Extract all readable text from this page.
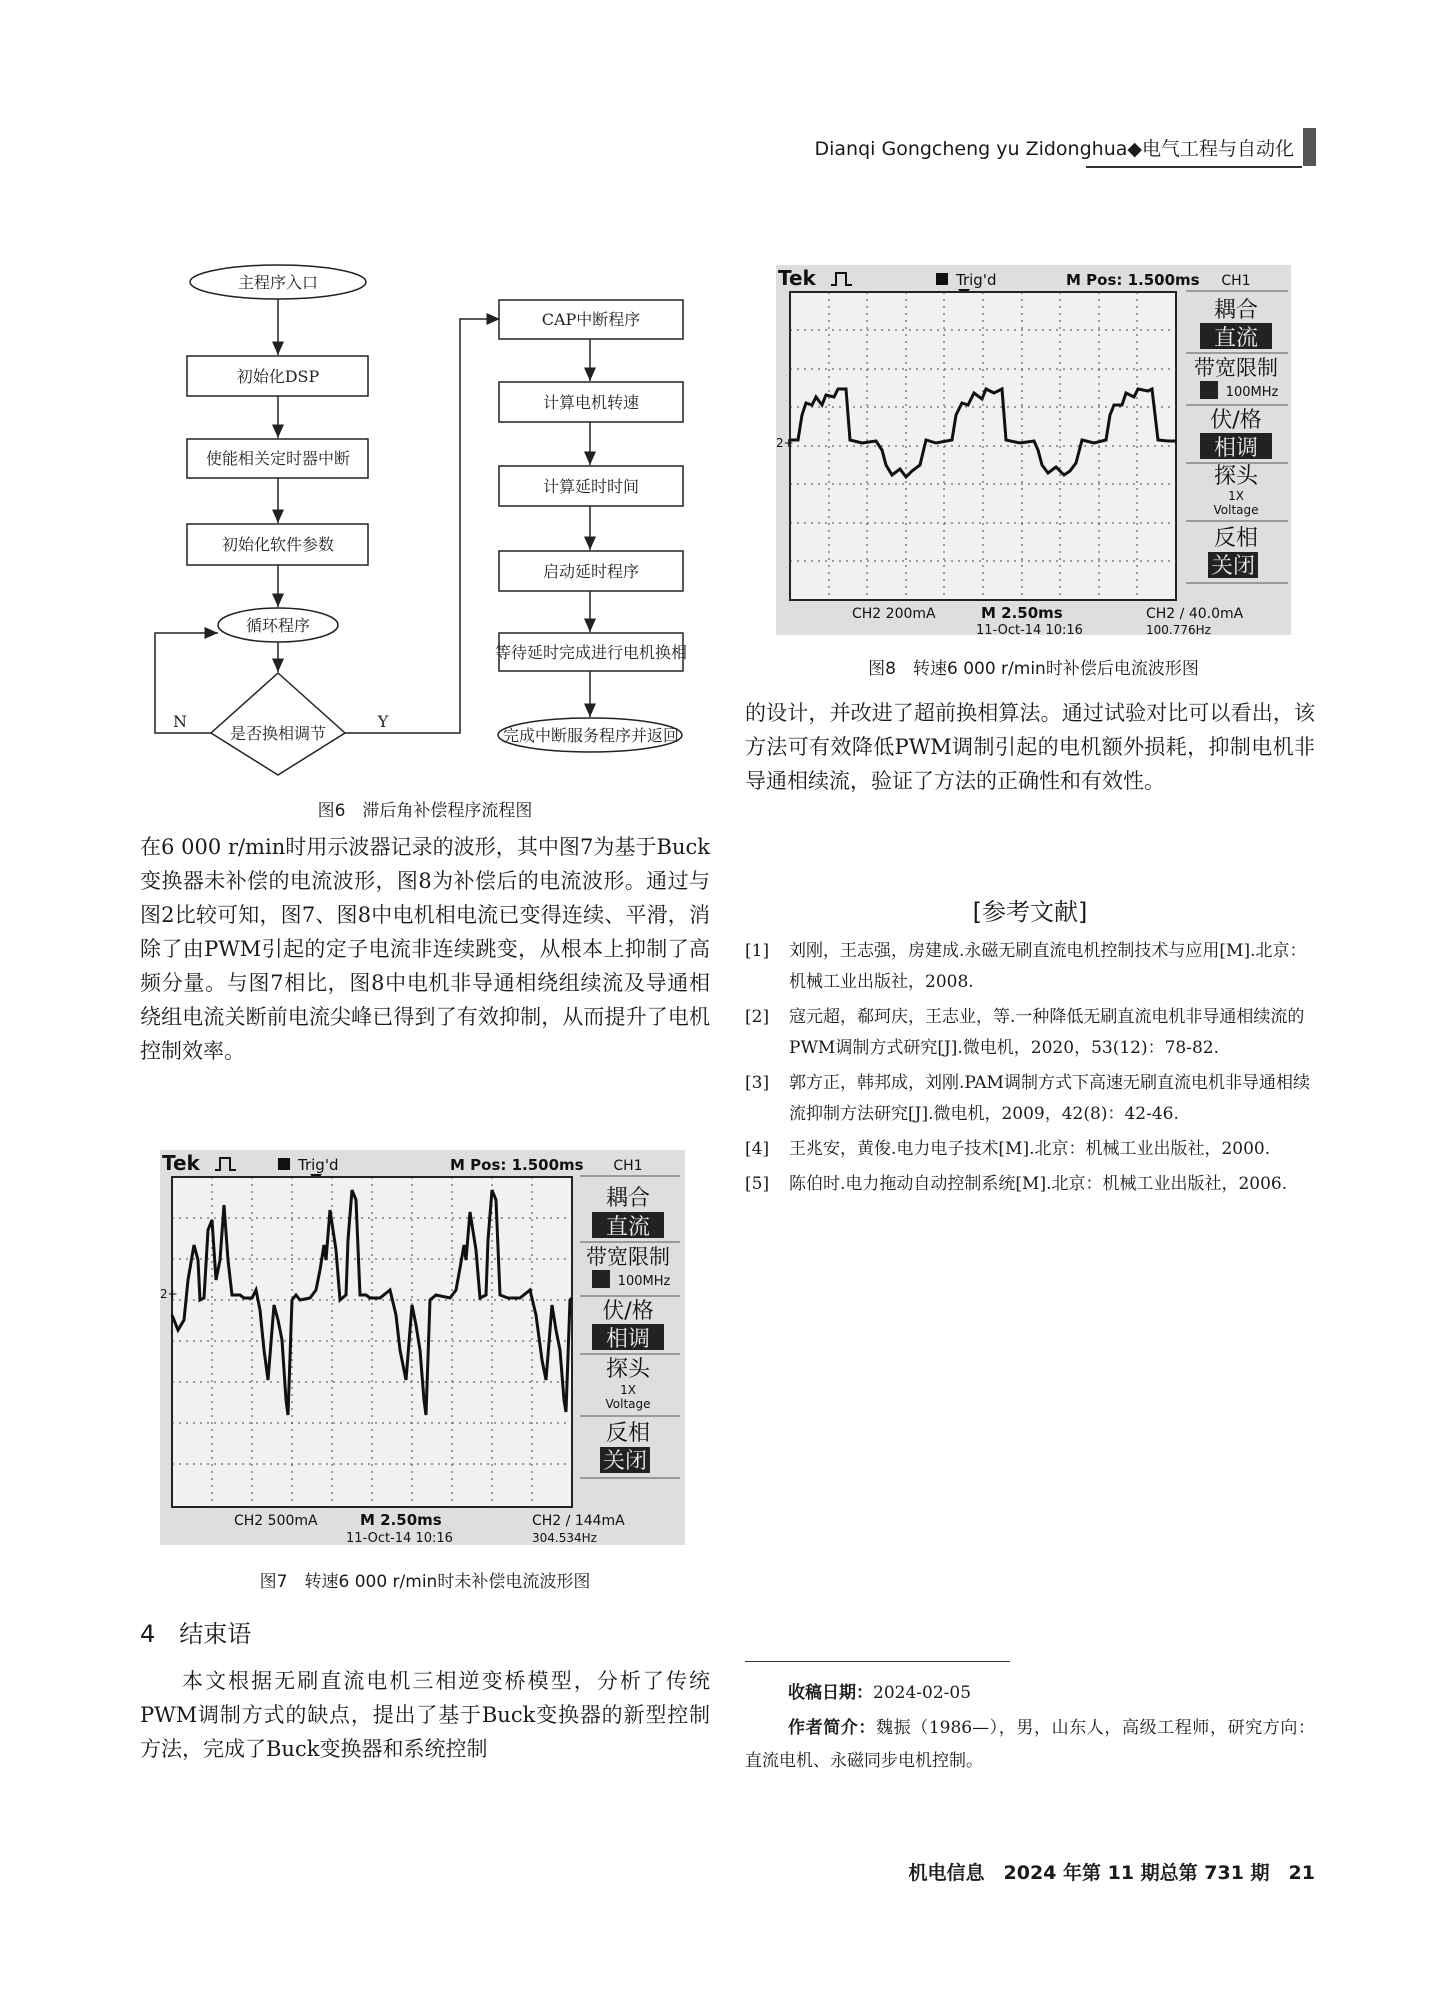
Dianqi Gongcheng yu Zidonghua◆电气工程与自动化
主程序入口
初始化DSP
使能相关定时器中断
初始化软件参数
循环程序
是否换相调节
CAP中断程序
计算电机转速
计算延时时间
启动延时程序
等待延时完成进行电机换相
完成中断服务程序并返回
N	Y
图6　滞后角补偿程序流程图
在6 000 r/min时用示波器记录的波形，其中图7为基于Buck变换器未补偿的电流波形，图8为补偿后的电流波形。通过与图2比较可知，图7、图8中电机相电流已变得连续、平滑，消除了由PWM引起的定子电流非连续跳变，从根本上抑制了高频分量。与图7相比，图8中电机非导通相绕组续流及导通相绕组电流关断前电流尖峰已得到了有效抑制，从而提升了电机控制效率。
Tek	Trig'd	M Pos: 1.500ms CH1
2+
CH2 500mA	M 2.50ms
11-Oct-14 10:16
CH2 ∕ 144mA
304.534Hz
耦合
直流
带宽限制
100MHz
伏/格
相调
探头
1X
Voltage
反相
关闭
图7　转速6 000 r/min时未补偿电流波形图
4　结束语
本文根据无刷直流电机三相逆变桥模型，分析了传统PWM调制方式的缺点，提出了基于Buck变换器的新型控制方法，完成了Buck变换器和系统控制
Tek	Trig'd	M Pos: 1.500ms CH1
2+
CH2 200mA	M 2.50ms
11-Oct-14 10:16
CH2 ∕ 40.0mA
100.776Hz
耦合
直流
带宽限制
100MHz
伏/格
相调
探头
1X
Voltage
反相
关闭
图8　转速6 000 r/min时补偿后电流波形图
的设计，并改进了超前换相算法。通过试验对比可以看出，该方法可有效降低PWM调制引起的电机额外损耗，抑制电机非导通相续流，验证了方法的正确性和有效性。
[参考文献]
[1] 刘刚，王志强，房建成.永磁无刷直流电机控制技术与应用[M].北京：机械工业出版社，2008.
[2] 寇元超，郗珂庆，王志业，等.一种降低无刷直流电机非导通相续流的PWM调制方式研究[J].微电机，2020，53(12)：78-82.
[3] 郭方正，韩邦成，刘刚.PAM调制方式下高速无刷直流电机非导通相续流抑制方法研究[J].微电机，2009，42(8)：42-46.
[4] 王兆安，黄俊.电力电子技术[M].北京：机械工业出版社，2000.
[5] 陈伯时.电力拖动自动控制系统[M].北京：机械工业出版社，2006.
收稿日期：2024-02-05
作者简介：魏振（1986—），男，山东人，高级工程师，研究方向：直流电机、永磁同步电机控制。
机电信息　2024 年第 11 期总第 731 期　21
